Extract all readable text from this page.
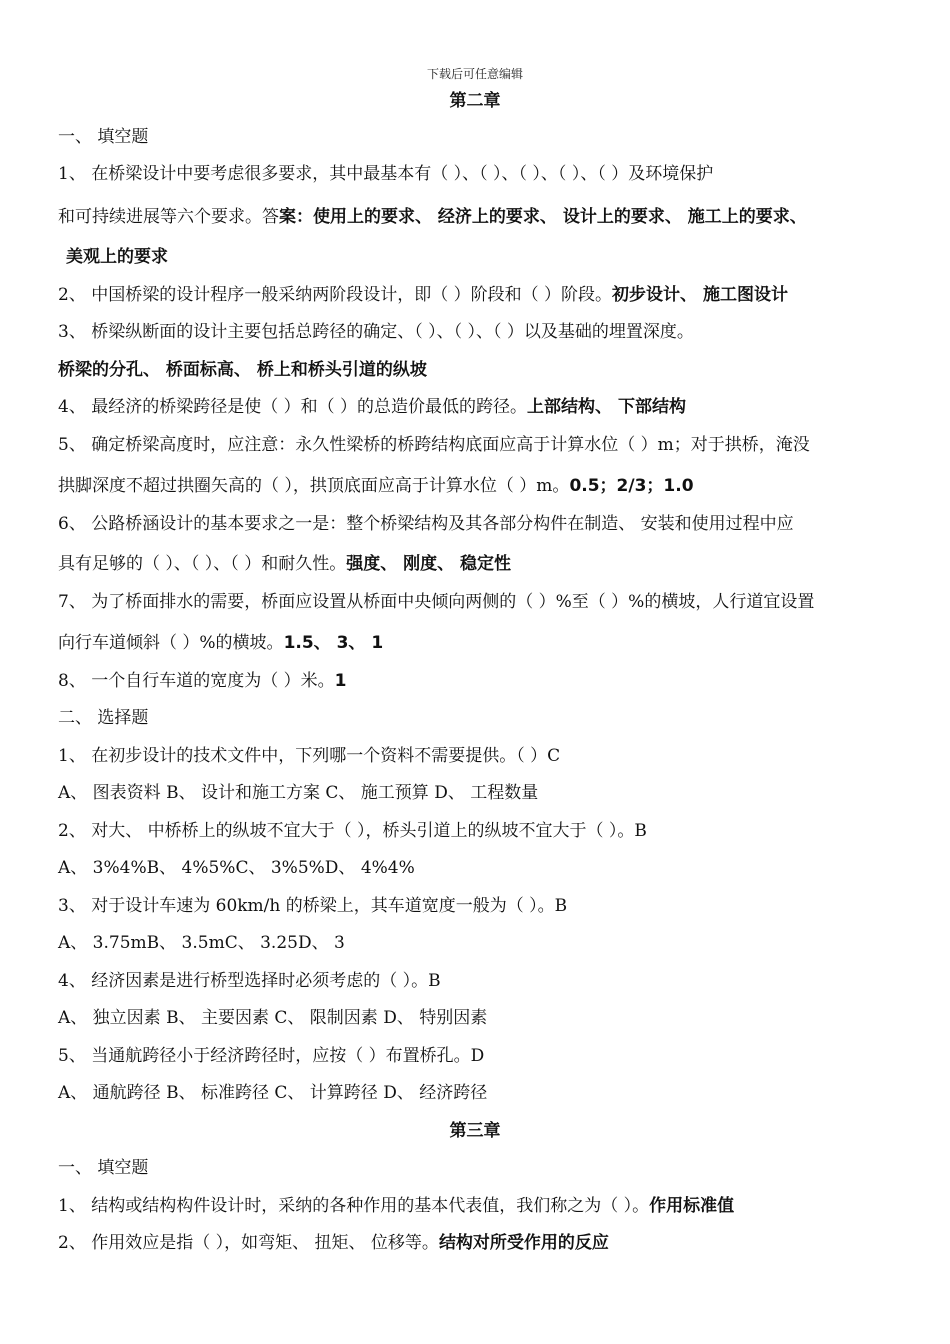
下载后可任意编辑
第二章
一、 填空题
1、 在桥梁设计中要考虑很多要求，其中最基本有（ ）、（ ）、（ ）、（ ）、（ ）及环境保护
和可持续进展等六个要求。答案：使用上的要求、 经济上的要求、 设计上的要求、 施工上的要求、
美观上的要求
2、 中国桥梁的设计程序一般采纳两阶段设计，即（ ）阶段和（ ）阶段。初步设计、 施工图设计
3、 桥梁纵断面的设计主要包括总跨径的确定、（ ）、（ ）、（ ）以及基础的埋置深度。
桥梁的分孔、 桥面标高、 桥上和桥头引道的纵坡
4、 最经济的桥梁跨径是使（ ）和（ ）的总造价最低的跨径。上部结构、 下部结构
5、 确定桥梁高度时，应注意：永久性梁桥的桥跨结构底面应高于计算水位（ ）m；对于拱桥，淹没
拱脚深度不超过拱圈矢高的（ ），拱顶底面应高于计算水位（ ）m。0.5；2/3；1.0
6、 公路桥涵设计的基本要求之一是：整个桥梁结构及其各部分构件在制造、 安装和使用过程中应
具有足够的（ ）、（ ）、（ ）和耐久性。强度、 刚度、 稳定性
7、 为了桥面排水的需要，桥面应设置从桥面中央倾向两侧的（ ）%至（ ）%的横坡，人行道宜设置
向行车道倾斜（ ）%的横坡。1.5、 3、 1
8、 一个自行车道的宽度为（ ）米。1
二、 选择题
1、 在初步设计的技术文件中，下列哪一个资料不需要提供。（ ）C
A、 图表资料 B、 设计和施工方案 C、 施工预算 D、 工程数量
2、 对大、 中桥桥上的纵坡不宜大于（ ），桥头引道上的纵坡不宜大于（ ）。B
A、 3%4%B、 4%5%C、 3%5%D、 4%4%
3、 对于设计车速为 60km/h 的桥梁上，其车道宽度一般为（ ）。B
A、 3.75mB、 3.5mC、 3.25D、 3
4、 经济因素是进行桥型选择时必须考虑的（ ）。B
A、 独立因素 B、 主要因素 C、 限制因素 D、 特别因素
5、 当通航跨径小于经济跨径时，应按（ ）布置桥孔。D
A、 通航跨径 B、 标准跨径 C、 计算跨径 D、 经济跨径
第三章
一、 填空题
1、 结构或结构构件设计时，采纳的各种作用的基本代表值，我们称之为（ ）。作用标准值
2、 作用效应是指（ ），如弯矩、 扭矩、 位移等。结构对所受作用的反应
